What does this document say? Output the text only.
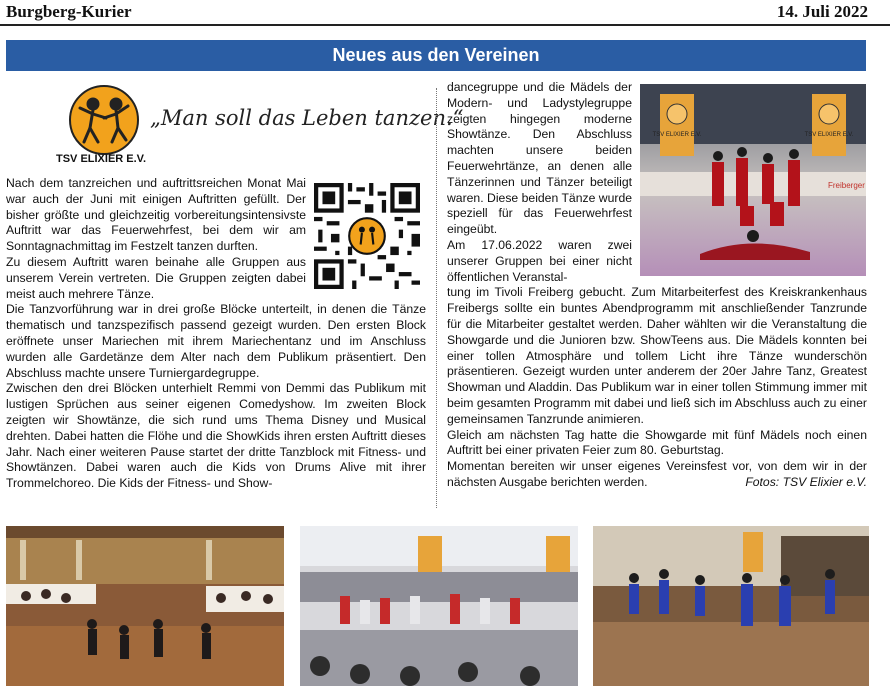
Burgberg-Kurier	14. Juli 2022
Neues aus den Vereinen
TSV ELIXIER E.V.
„Man soll das Leben tanzen.“

Nach dem tanzreichen und auftrittsreichen Monat Mai war auch der Juni mit einigen Auftritten gefüllt. Der bisher größte und gleichzeitig vorbereitungsintensivste Auftritt war das Feuerwehrfest, bei dem wir am Sonntagnachmittag im Festzelt tanzen durften.

Zu diesem Auftritt waren beinahe alle Gruppen aus unserem Verein vertreten. Die Gruppen zeigten dabei meist auch mehrere Tänze.

Die Tanzvorführung war in drei große Blöcke unterteilt, in denen die Tänze thematisch und tanzspezifisch passend gezeigt wurden. Den ersten Block eröffnete unser Mariechen mit ihrem Mariechentanz und im Anschluss wurden alle Gardetänze dem Alter nach dem Publikum präsentiert. Den Abschluss machte unsere Turniergardegruppe.

Zwischen den drei Blöcken unterhielt Remmi von Demmi das Publikum mit lustigen Sprüchen aus seiner eigenen Comedyshow. Im zweiten Block zeigten wir Showtänze, die sich rund ums Thema Disney und Musical drehten. Dabei hatten die Flöhe und die ShowKids ihren ersten Auftritt dieses Jahr. Nach einer weiteren Pause startet der dritte Tanzblock mit Fitness- und Showtänzen. Dabei waren auch die Kids von Drums Alive mit ihrer Trommelchoreo. Die Kids der Fitness- und Show-

TSV ELIXIER E.V.	TSV ELIXIER E.V.
Freiberger

dancegruppe und die Mädels der Modern- und Ladystylegruppe zeigten hingegen moderne Showtänze. Den Abschluss machten unsere beiden Feuerwehrtänze, an denen alle Tänzerinnen und Tänzer beteiligt waren. Diese beiden Tänze wurde speziell für das Feuerwehrfest eingeübt.

Am 17.06.2022 waren zwei unserer Gruppen bei einer nicht öffentlichen Veranstal-

tung im Tivoli Freiberg gebucht. Zum Mitarbeiterfest des Kreiskrankenhaus Freibergs sollte ein buntes Abendprogramm mit anschließender Tanzrunde für die Mitarbeiter gestaltet werden. Daher wählten wir die Veranstaltung die Showgarde und die Junioren bzw. ShowTeens aus. Die Mädels konnten bei einer tollen Atmosphäre und tollem Licht ihre Tänze wunderschön präsentieren. Gezeigt wurden unter anderem der 20er Jahre Tanz, Greatest Showman und Aladdin. Das Publikum war in einer tollen Stimmung immer mit beim gesamten Programm mit dabei und ließ sich im Abschluss auch zu einer gemeinsamen Tanzrunde animieren.

Gleich am nächsten Tag hatte die Showgarde mit fünf Mädels noch einen Auftritt bei einer privaten Feier zum 80. Geburtstag.

Momentan bereiten wir unser eigenes Vereinsfest vor, von dem wir in der nächsten Ausgabe berichten werden.	Fotos: TSV Elixier e.V.
